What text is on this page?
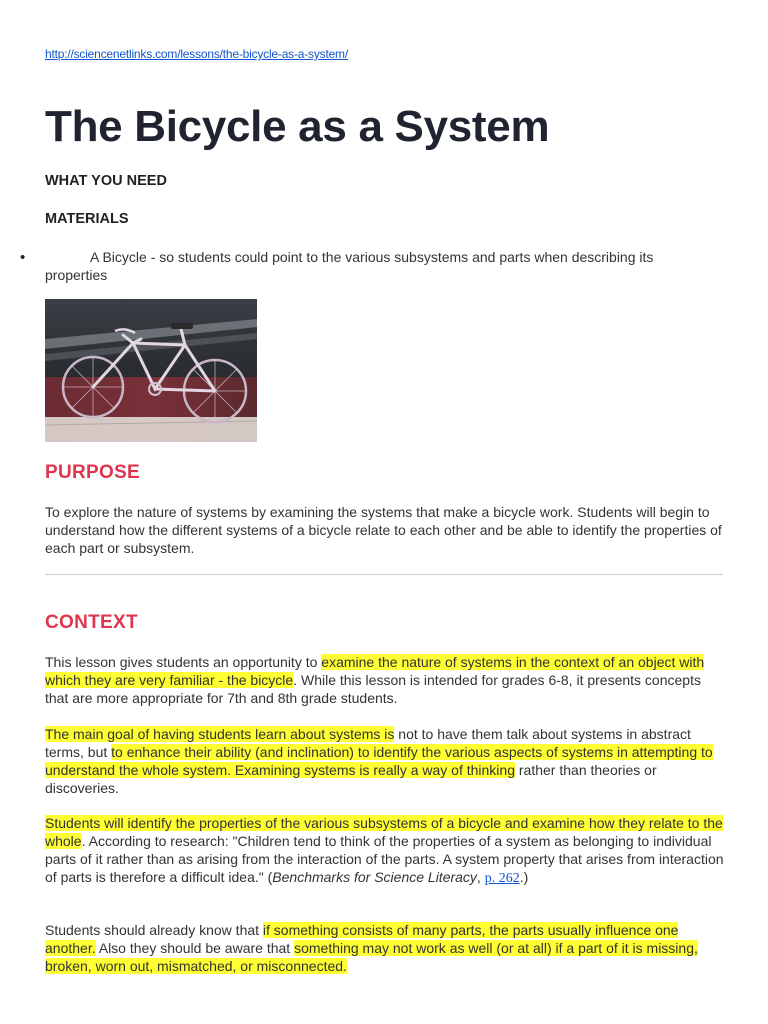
http://sciencenetlinks.com/lessons/the-bicycle-as-a-system/
The Bicycle as a System
WHAT YOU NEED
MATERIALS
•	A Bicycle - so students could point to the various subsystems and parts when describing its properties
PURPOSE

To explore the nature of systems by examining the systems that make a bicycle work. Students will begin to understand how the different systems of a bicycle relate to each other and be able to identify the properties of each part or subsystem.

CONTEXT

This lesson gives students an opportunity to examine the nature of systems in the context of an object with which they are very familiar - the bicycle. While this lesson is intended for grades 6-8, it presents concepts that are more appropriate for 7th and 8th grade students.

The main goal of having students learn about systems is not to have them talk about systems in abstract terms, but to enhance their ability (and inclination) to identify the various aspects of systems in attempting to understand the whole system. Examining systems is really a way of thinking rather than theories or discoveries.

Students will identify the properties of the various subsystems of a bicycle and examine how they relate to the whole. According to research: "Children tend to think of the properties of a system as belonging to individual parts of it rather than as arising from the interaction of the parts. A system property that arises from interaction of parts is therefore a difficult idea." (Benchmarks for Science Literacy, p. 262.)

Students should already know that if something consists of many parts, the parts usually influence one another. Also they should be aware that something may not work as well (or at all) if a part of it is missing, broken, worn out, mismatched, or misconnected.
